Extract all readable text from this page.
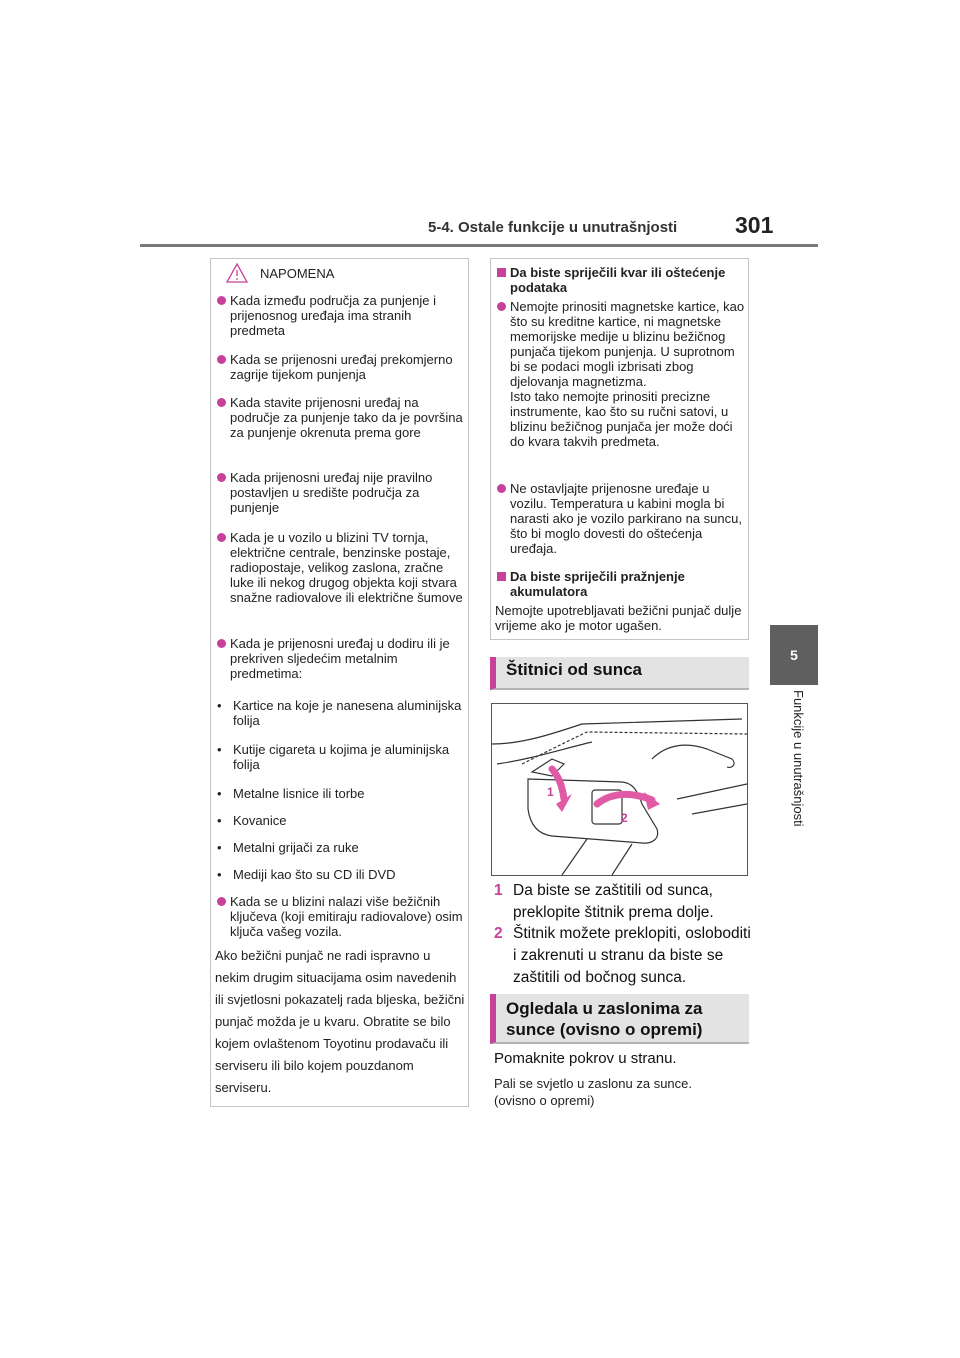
5-4. Ostale funkcije u unutrašnjosti	301
5
Funkcije u unutrašnjosti
NAPOMENA
Kada između područja za punjenje i prijenosnog uređaja ima stranih predmeta
Kada se prijenosni uređaj prekomjerno zagrije tijekom punjenja
Kada stavite prijenosni uređaj na područje za punjenje tako da je površina za punjenje okrenuta prema gore
Kada prijenosni uređaj nije pravilno postavljen u središte područja za punjenje
Kada je u vozilo u blizini TV tornja, električne centrale, benzinske postaje, radiopostaje, velikog zaslona, zračne luke ili nekog drugog objekta koji stvara snažne radiovalove ili električne šumove
Kada je prijenosni uređaj u dodiru ili je prekriven sljedećim metalnim predmetima:
• Kartice na koje je nanesena aluminijska folija
• Kutije cigareta u kojima je aluminijska folija
• Metalne lisnice ili torbe
• Kovanice
• Metalni grijači za ruke
• Mediji kao što su CD ili DVD
Kada se u blizini nalazi više bežičnih ključeva (koji emitiraju radiovalove) osim ključa vašeg vozila.
Ako bežični punjač ne radi ispravno u nekim drugim situacijama osim navedenih ili svjetlosni pokazatelj rada bljeska, bežični punjač možda je u kvaru. Obratite se bilo kojem ovlaštenom Toyotinu prodavaču ili serviseru ili bilo kojem pouzdanom serviseru.
Da biste spriječili kvar ili oštećenje podataka
Nemojte prinositi magnetske kartice, kao što su kreditne kartice, ni magnetske memorijske medije u blizinu bežičnog punjača tijekom punjenja. U suprotnom bi se podaci mogli izbrisati zbog djelovanja magnetizma.
Isto tako nemojte prinositi precizne instrumente, kao što su ručni satovi, u blizinu bežičnog punjača jer može doći do kvara takvih predmeta.
Ne ostavljajte prijenosne uređaje u vozilu. Temperatura u kabini mogla bi narasti ako je vozilo parkirano na suncu, što bi moglo dovesti do oštećenja uređaja.
Da biste spriječili pražnjenje akumulatora
Nemojte upotrebljavati bežični punjač dulje vrijeme ako je motor ugašen.
Štitnici od sunca
1
2
1 Da biste se zaštitili od sunca, preklopite štitnik prema dolje.
2 Štitnik možete preklopiti, osloboditi i zakrenuti u stranu da biste se zaštitili od bočnog sunca.
Ogledala u zaslonima za sunce (ovisno o opremi)
Pomaknite pokrov u stranu.
Pali se svjetlo u zaslonu za sunce.
(ovisno o opremi)
